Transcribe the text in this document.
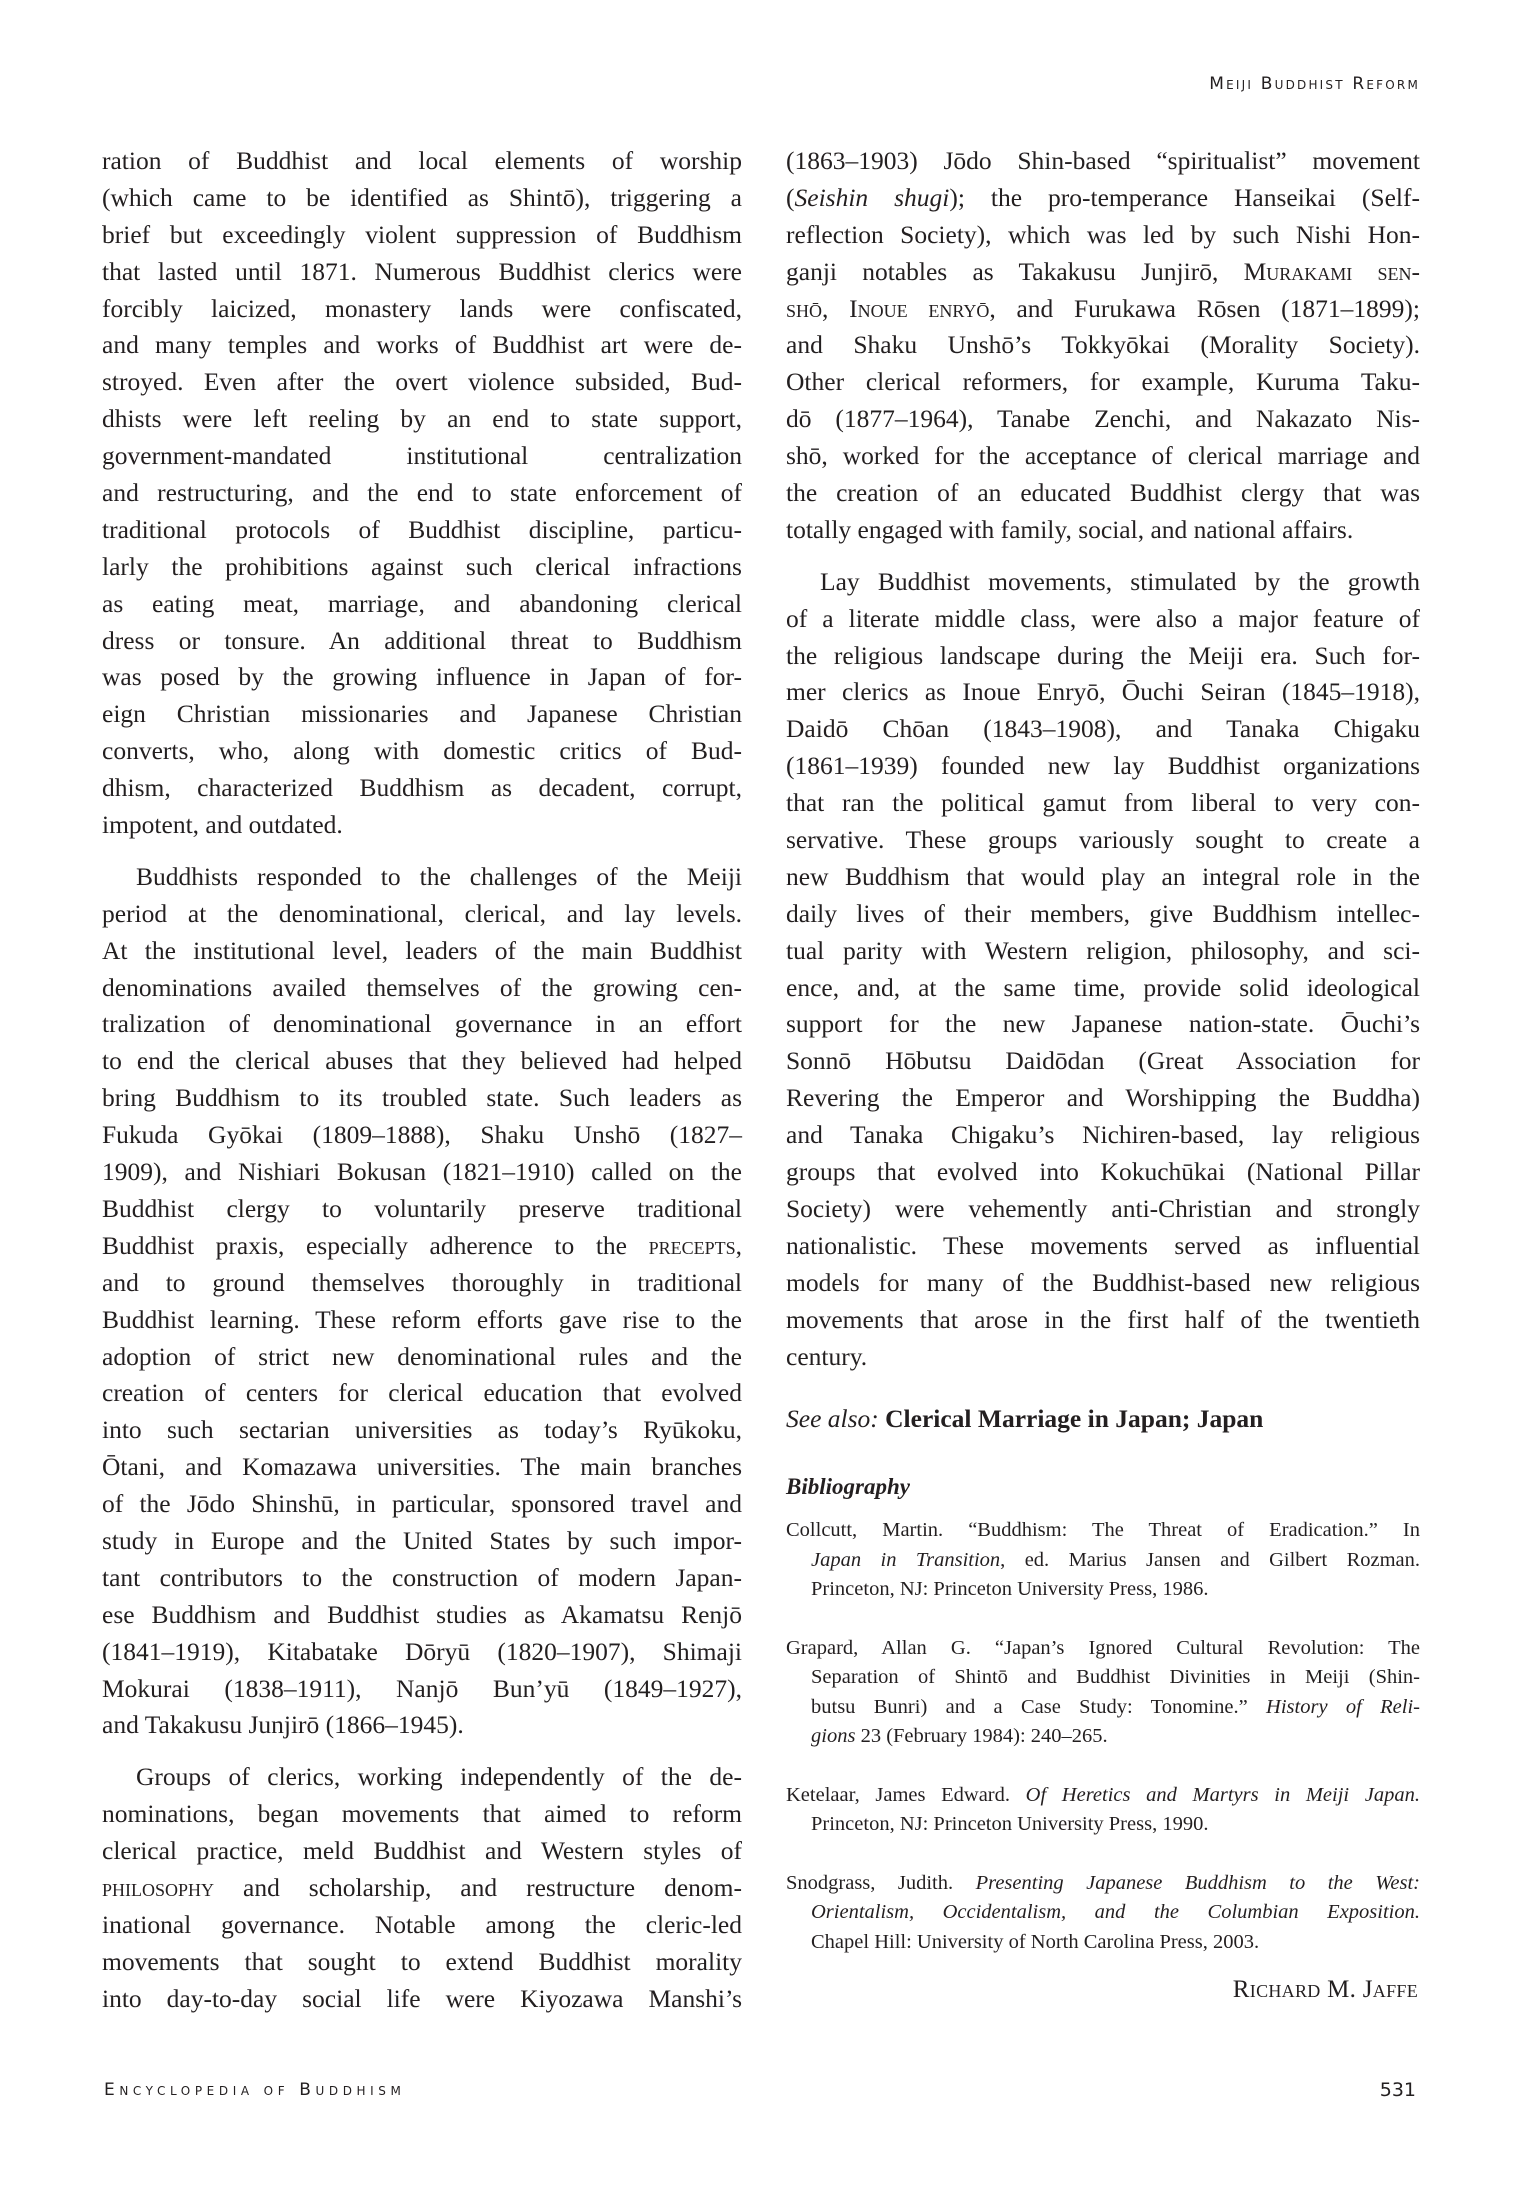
Meiji Buddhist Reform
ration of Buddhist and local elements of worship
(which came to be identified as Shintō), triggering a
brief but exceedingly violent suppression of Buddhism
that lasted until 1871. Numerous Buddhist clerics were
forcibly laicized, monastery lands were confiscated,
and many temples and works of Buddhist art were de-
stroyed. Even after the overt violence subsided, Bud-
dhists were left reeling by an end to state support,
government-mandated institutional centralization
and restructuring, and the end to state enforcement of
traditional protocols of Buddhist discipline, particu-
larly the prohibitions against such clerical infractions
as eating meat, marriage, and abandoning clerical
dress or tonsure. An additional threat to Buddhism
was posed by the growing influence in Japan of for-
eign Christian missionaries and Japanese Christian
converts, who, along with domestic critics of Bud-
dhism, characterized Buddhism as decadent, corrupt,
impotent, and outdated.
Buddhists responded to the challenges of the Meiji
period at the denominational, clerical, and lay levels.
At the institutional level, leaders of the main Buddhist
denominations availed themselves of the growing cen-
tralization of denominational governance in an effort
to end the clerical abuses that they believed had helped
bring Buddhism to its troubled state. Such leaders as
Fukuda Gyōkai (1809–1888), Shaku Unshō (1827–
1909), and Nishiari Bokusan (1821–1910) called on the
Buddhist clergy to voluntarily preserve traditional
Buddhist praxis, especially adherence to the precepts,
and to ground themselves thoroughly in traditional
Buddhist learning. These reform efforts gave rise to the
adoption of strict new denominational rules and the
creation of centers for clerical education that evolved
into such sectarian universities as today’s Ryūkoku,
Ōtani, and Komazawa universities. The main branches
of the Jōdo Shinshū, in particular, sponsored travel and
study in Europe and the United States by such impor-
tant contributors to the construction of modern Japan-
ese Buddhism and Buddhist studies as Akamatsu Renjō
(1841–1919), Kitabatake Dōryū (1820–1907), Shimaji
Mokurai (1838–1911), Nanjō Bun’yū (1849–1927),
and Takakusu Junjirō (1866–1945).
Groups of clerics, working independently of the de-
nominations, began movements that aimed to reform
clerical practice, meld Buddhist and Western styles of
philosophy and scholarship, and restructure denom-
inational governance. Notable among the cleric-led
movements that sought to extend Buddhist morality
into day-to-day social life were Kiyozawa Manshi’s
(1863–1903) Jōdo Shin-based “spiritualist” movement
(Seishin shugi); the pro-temperance Hanseikai (Self-
reflection Society), which was led by such Nishi Hon-
ganji notables as Takakusu Junjirō, Murakami sen-
shō, Inoue enryō, and Furukawa Rōsen (1871–1899);
and Shaku Unshō’s Tokkyōkai (Morality Society).
Other clerical reformers, for example, Kuruma Taku-
dō (1877–1964), Tanabe Zenchi, and Nakazato Nis-
shō, worked for the acceptance of clerical marriage and
the creation of an educated Buddhist clergy that was
totally engaged with family, social, and national affairs.
Lay Buddhist movements, stimulated by the growth
of a literate middle class, were also a major feature of
the religious landscape during the Meiji era. Such for-
mer clerics as Inoue Enryō, Ōuchi Seiran (1845–1918),
Daidō Chōan (1843–1908), and Tanaka Chigaku
(1861–1939) founded new lay Buddhist organizations
that ran the political gamut from liberal to very con-
servative. These groups variously sought to create a
new Buddhism that would play an integral role in the
daily lives of their members, give Buddhism intellec-
tual parity with Western religion, philosophy, and sci-
ence, and, at the same time, provide solid ideological
support for the new Japanese nation-state. Ōuchi’s
Sonnō Hōbutsu Daidōdan (Great Association for
Revering the Emperor and Worshipping the Buddha)
and Tanaka Chigaku’s Nichiren-based, lay religious
groups that evolved into Kokuchūkai (National Pillar
Society) were vehemently anti-Christian and strongly
nationalistic. These movements served as influential
models for many of the Buddhist-based new religious
movements that arose in the first half of the twentieth
century.
See also: Clerical Marriage in Japan; Japan
Bibliography
Collcutt, Martin. “Buddhism: The Threat of Eradication.” In
Japan in Transition, ed. Marius Jansen and Gilbert Rozman.
Princeton, NJ: Princeton University Press, 1986.
Grapard, Allan G. “Japan’s Ignored Cultural Revolution: The
Separation of Shintō and Buddhist Divinities in Meiji (Shin-
butsu Bunri) and a Case Study: Tonomine.” History of Reli-
gions 23 (February 1984): 240–265.
Ketelaar, James Edward. Of Heretics and Martyrs in Meiji Japan.
Princeton, NJ: Princeton University Press, 1990.
Snodgrass, Judith. Presenting Japanese Buddhism to the West:
Orientalism, Occidentalism, and the Columbian Exposition.
Chapel Hill: University of North Carolina Press, 2003.
Richard M. Jaffe
Encyclopedia of Buddhism	531
